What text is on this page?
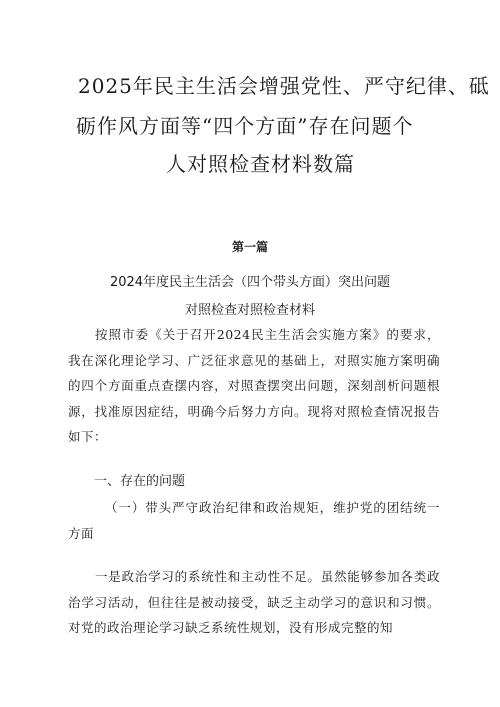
2025年民主生活会增强党性、严守纪律、砥
砺作风方面等“四个方面”存在问题个
人对照检查材料数篇
第一篇
2024年度民主生活会（四个带头方面）突出问题
对照检查对照检查材料

按照市委《关于召开2024民主生活会实施方案》的要求，我在深化理论学习、广泛征求意见的基础上，对照实施方案明确的四个方面重点查摆内容，对照查摆突出问题，深刻剖析问题根源，找准原因症结，明确今后努力方向。现将对照检查情况报告如下：

一、存在的问题

（一）带头严守政治纪律和政治规矩，维护党的团结统一方面

一是政治学习的系统性和主动性不足。虽然能够参加各类政治学习活动，但往往是被动接受，缺乏主动学习的意识和习惯。对党的政治理论学习缺乏系统性规划，没有形成完整的知
